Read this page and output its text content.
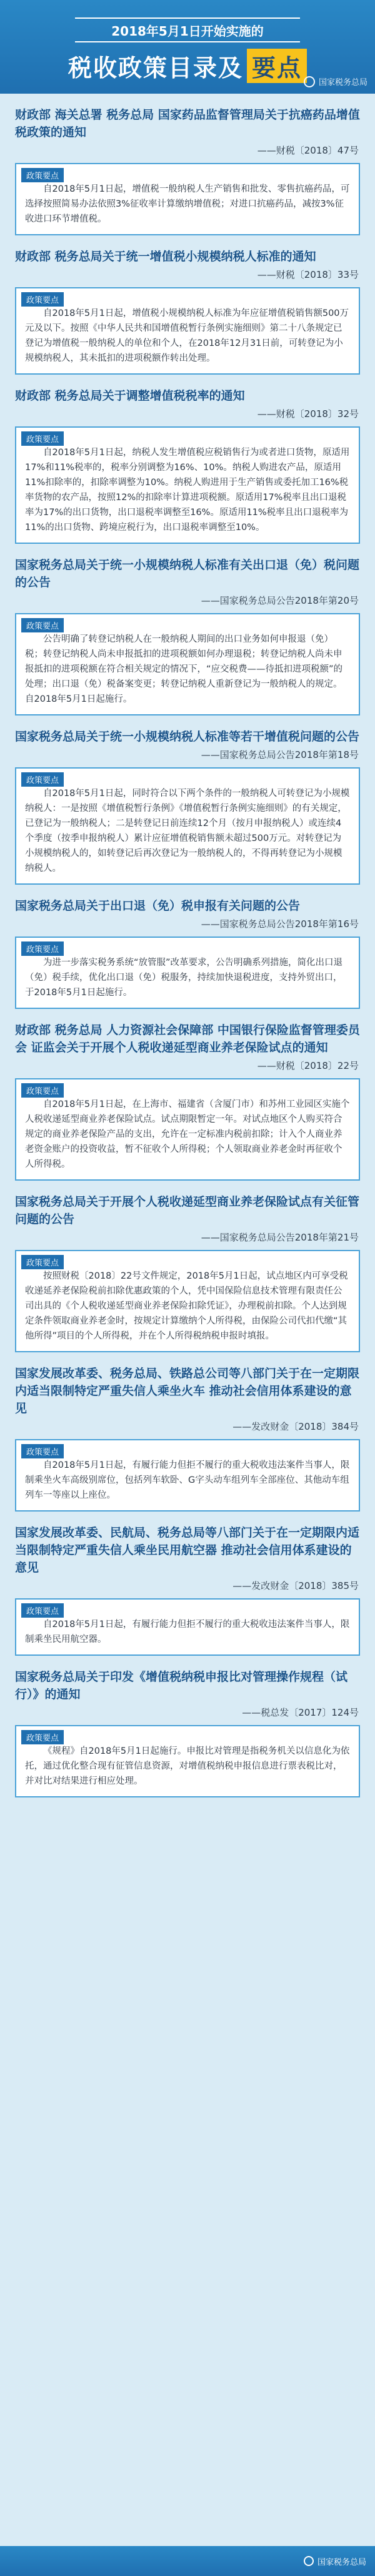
2018年5月1日开始实施的
税收政策目录及 要点
国家税务总局
财政部 海关总署 税务总局 国家药品监督管理局关于抗癌药品增值税政策的通知
——财税〔2018〕47号
政策要点

自2018年5月1日起，增值税一般纳税人生产销售和批发、零售抗癌药品，可选择按照简易办法依照3%征收率计算缴纳增值税；对进口抗癌药品，减按3%征收进口环节增值税。

财政部 税务总局关于统一增值税小规模纳税人标准的通知
——财税〔2018〕33号
政策要点

自2018年5月1日起，增值税小规模纳税人标准为年应征增值税销售额500万元及以下。按照《中华人民共和国增值税暂行条例实施细则》第二十八条规定已登记为增值税一般纳税人的单位和个人，在2018年12月31日前，可转登记为小规模纳税人，其未抵扣的进项税额作转出处理。

财政部 税务总局关于调整增值税税率的通知
——财税〔2018〕32号
政策要点

自2018年5月1日起，纳税人发生增值税应税销售行为或者进口货物，原适用17%和11%税率的，税率分别调整为16%、10%。纳税人购进农产品，原适用11%扣除率的，扣除率调整为10%。纳税人购进用于生产销售或委托加工16%税率货物的农产品，按照12%的扣除率计算进项税额。原适用17%税率且出口退税率为17%的出口货物，出口退税率调整至16%。原适用11%税率且出口退税率为11%的出口货物、跨境应税行为，出口退税率调整至10%。

国家税务总局关于统一小规模纳税人标准有关出口退（免）税问题的公告
——国家税务总局公告2018年第20号
政策要点

公告明确了转登记纳税人在一般纳税人期间的出口业务如何申报退（免）税；转登记纳税人尚未申报抵扣的进项税额如何办理退税；转登记纳税人尚未申报抵扣的进项税额在符合相关规定的情况下，“应交税费——待抵扣进项税额”的处理；出口退（免）税备案变更；转登记纳税人重新登记为一般纳税人的规定。自2018年5月1日起施行。

国家税务总局关于统一小规模纳税人标准等若干增值税问题的公告
——国家税务总局公告2018年第18号
政策要点

自2018年5月1日起，同时符合以下两个条件的一般纳税人可转登记为小规模纳税人：一是按照《增值税暂行条例》《增值税暂行条例实施细则》的有关规定，已登记为一般纳税人；二是转登记日前连续12个月（按月申报纳税人）或连续4个季度（按季申报纳税人）累计应征增值税销售额未超过500万元。对转登记为小规模纳税人的，如转登记后再次登记为一般纳税人的，不得再转登记为小规模纳税人。

国家税务总局关于出口退（免）税申报有关问题的公告
——国家税务总局公告2018年第16号
政策要点

为进一步落实税务系统“放管服”改革要求，公告明确系列措施，简化出口退（免）税手续，优化出口退（免）税服务，持续加快退税进度，支持外贸出口，于2018年5月1日起施行。

财政部 税务总局 人力资源社会保障部 中国银行保险监督管理委员会 证监会关于开展个人税收递延型商业养老保险试点的通知
——财税〔2018〕22号
政策要点

自2018年5月1日起，在上海市、福建省（含厦门市）和苏州工业园区实施个人税收递延型商业养老保险试点。试点期限暂定一年。对试点地区个人购买符合规定的商业养老保险产品的支出，允许在一定标准内税前扣除；计入个人商业养老资金账户的投资收益，暂不征收个人所得税；个人领取商业养老金时再征收个人所得税。

国家税务总局关于开展个人税收递延型商业养老保险试点有关征管问题的公告
——国家税务总局公告2018年第21号
政策要点

按照财税〔2018〕22号文件规定，2018年5月1日起，试点地区内可享受税收递延养老保险税前扣除优惠政策的个人，凭中国保险信息技术管理有限责任公司出具的《个人税收递延型商业养老保险扣除凭证》，办理税前扣除。个人达到规定条件领取商业养老金时，按规定计算缴纳个人所得税，由保险公司代扣代缴“其他所得”项目的个人所得税，并在个人所得税纳税申报时填报。

国家发展改革委、税务总局、铁路总公司等八部门关于在一定期限内适当限制特定严重失信人乘坐火车 推动社会信用体系建设的意见
——发改财金〔2018〕384号
政策要点

自2018年5月1日起，有履行能力但拒不履行的重大税收违法案件当事人，限制乘坐火车高级别席位，包括列车软卧、G字头动车组列车全部座位、其他动车组列车一等座以上座位。

国家发展改革委、民航局、税务总局等八部门关于在一定期限内适当限制特定严重失信人乘坐民用航空器 推动社会信用体系建设的意见
——发改财金〔2018〕385号
政策要点

自2018年5月1日起，有履行能力但拒不履行的重大税收违法案件当事人，限制乘坐民用航空器。

国家税务总局关于印发《增值税纳税申报比对管理操作规程（试行）》的通知
——税总发〔2017〕124号
政策要点

《规程》自2018年5月1日起施行。申报比对管理是指税务机关以信息化为依托，通过优化整合现有征管信息资源，对增值税纳税申报信息进行票表税比对，并对比对结果进行相应处理。

国家税务总局
